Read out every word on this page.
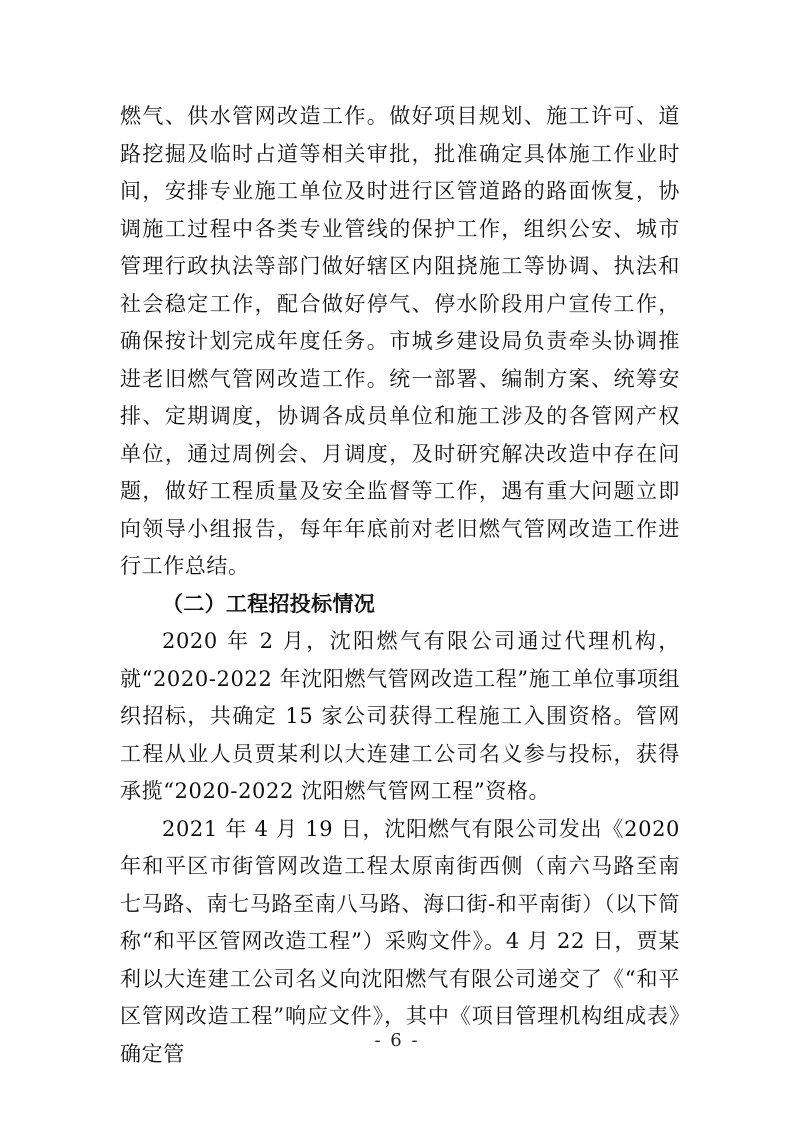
燃气、供水管网改造工作。做好项目规划、施工许可、道路挖掘及临时占道等相关审批，批准确定具体施工作业时间，安排专业施工单位及时进行区管道路的路面恢复，协调施工过程中各类专业管线的保护工作，组织公安、城市管理行政执法等部门做好辖区内阻挠施工等协调、执法和社会稳定工作，配合做好停气、停水阶段用户宣传工作，确保按计划完成年度任务。市城乡建设局负责牵头协调推进老旧燃气管网改造工作。统一部署、编制方案、统筹安排、定期调度，协调各成员单位和施工涉及的各管网产权单位，通过周例会、月调度，及时研究解决改造中存在问题，做好工程质量及安全监督等工作，遇有重大问题立即向领导小组报告，每年年底前对老旧燃气管网改造工作进行工作总结。

（二）工程招投标情况

2020 年 2 月，沈阳燃气有限公司通过代理机构，就“2020-2022 年沈阳燃气管网改造工程”施工单位事项组织招标，共确定 15 家公司获得工程施工入围资格。管网工程从业人员贾某利以大连建工公司名义参与投标，获得承揽“2020-2022 沈阳燃气管网工程”资格。

2021 年 4 月 19 日，沈阳燃气有限公司发出《2020 年和平区市街管网改造工程太原南街西侧（南六马路至南七马路、南七马路至南八马路、海口街-和平南街）（以下简称“和平区管网改造工程”）采购文件》。4 月 22 日，贾某利以大连建工公司名义向沈阳燃气有限公司递交了《“和平区管网改造工程”响应文件》，其中《项目管理机构组成表》确定管

- 6 -
